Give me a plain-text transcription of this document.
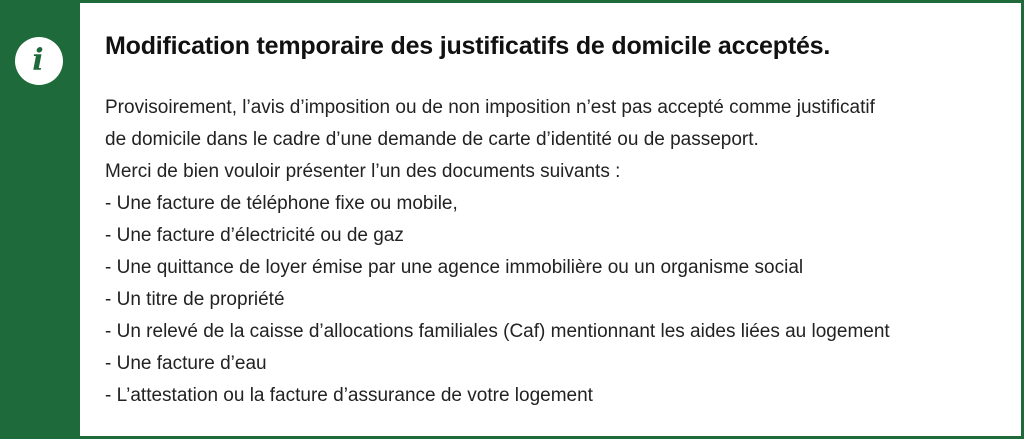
i Modification temporaire des justificatifs de domicile acceptés.

Provisoirement, l’avis d’imposition ou de non imposition n’est pas accepté comme justificatif

de domicile dans le cadre d’une demande de carte d’identité ou de passeport.

Merci de bien vouloir présenter l’un des documents suivants :

- Une facture de téléphone fixe ou mobile,
- Une facture d’électricité ou de gaz
- Une quittance de loyer émise par une agence immobilière ou un organisme social
- Un titre de propriété
- Un relevé de la caisse d’allocations familiales (Caf) mentionnant les aides liées au logement
- Une facture d’eau
- L’attestation ou la facture d’assurance de votre logement
